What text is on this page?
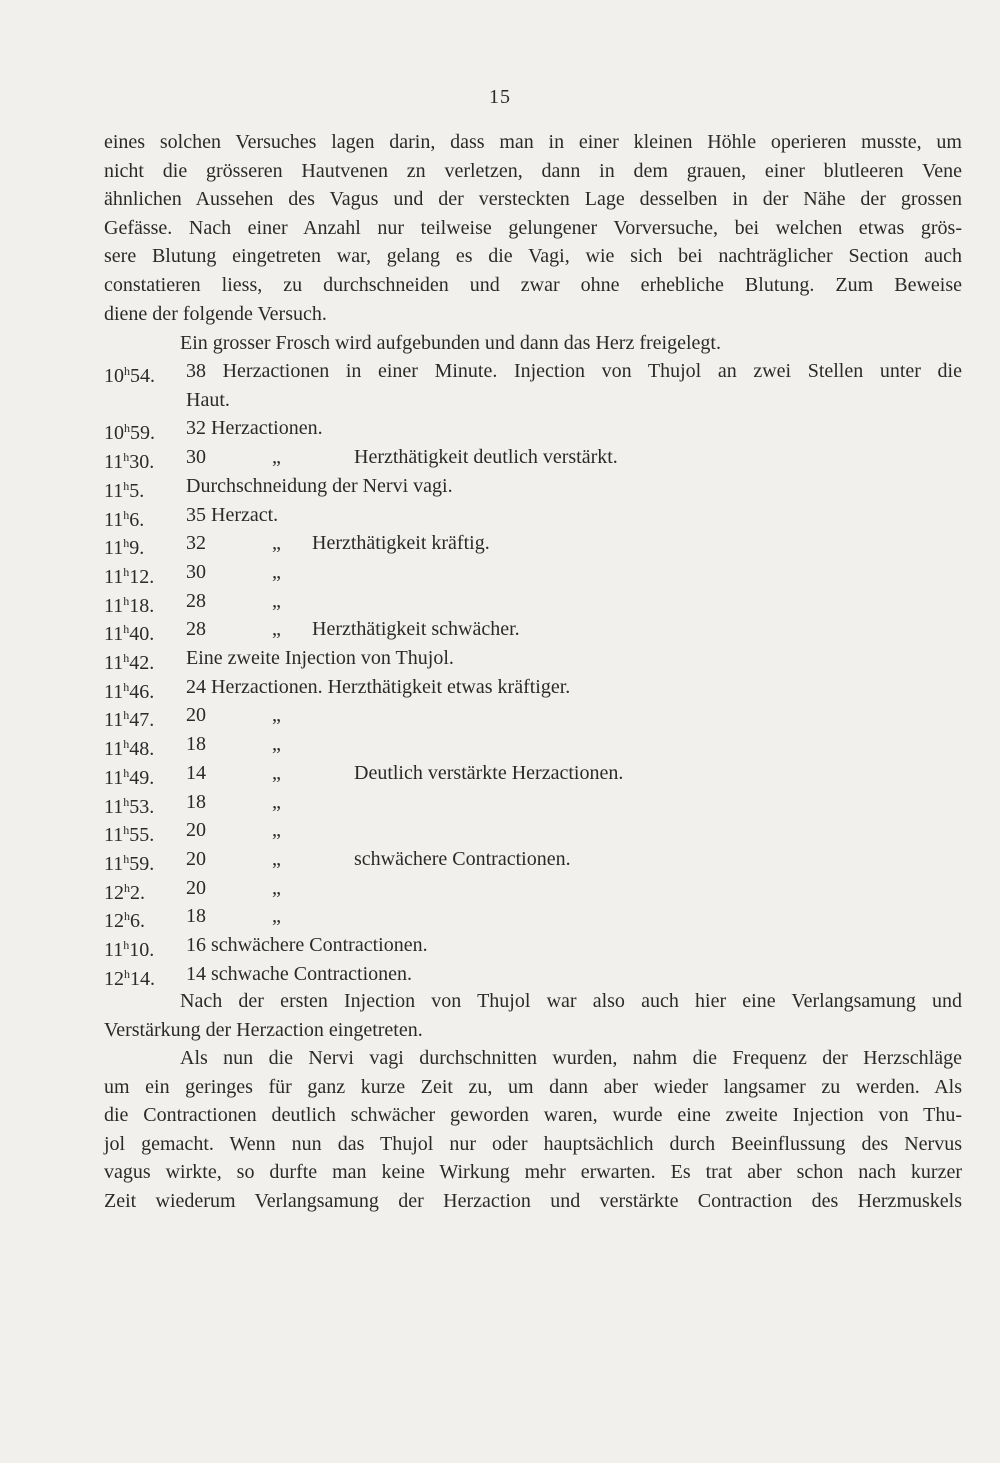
15
eines solchen Versuches lagen darin, dass man in einer kleinen Höhle operieren musste, um
nicht die grösseren Hautvenen zn verletzen, dann in dem grauen, einer blutleeren Vene
ähnlichen Aussehen des Vagus und der versteckten Lage desselben in der Nähe der grossen
Gefässe. Nach einer Anzahl nur teilweise gelungener Vorversuche, bei welchen etwas grös-
sere Blutung eingetreten war, gelang es die Vagi, wie sich bei nachträglicher Section auch
constatieren liess, zu durchschneiden und zwar ohne erhebliche Blutung. Zum Beweise
diene der folgende Versuch.
Ein grosser Frosch wird aufgebunden und dann das Herz freigelegt.
10$^h$54. 38 Herzactionen in einer Minute. Injection von Thujol an zwei Stellen unter die
Haut.
10$^h$59. 32 Herzactionen.
11$^h$30. 30	„	Herzthätigkeit deutlich verstärkt.
11$^h$5. Durchschneidung der Nervi vagi.
11$^h$6. 35 Herzact.
11$^h$9. 32	„ Herzthätigkeit kräftig.
11$^h$12. 30	„
11$^h$18. 28	„
11$^h$40. 28	„ Herzthätigkeit schwächer.
11$^h$42. Eine zweite Injection von Thujol.
11$^h$46. 24 Herzactionen. Herzthätigkeit etwas kräftiger.
11$^h$47. 20	„
11$^h$48. 18	„
11$^h$49. 14	„	Deutlich verstärkte Herzactionen.
11$^h$53. 18	„
11$^h$55. 20	„
11$^h$59. 20	„	schwächere Contractionen.
12$^h$2. 20	„
12$^h$6. 18	„
11$^h$10. 16 schwächere Contractionen.
12$^h$14. 14 schwache Contractionen.
Nach der ersten Injection von Thujol war also auch hier eine Verlangsamung und
Verstärkung der Herzaction eingetreten.
Als nun die Nervi vagi durchschnitten wurden, nahm die Frequenz der Herzschläge
um ein geringes für ganz kurze Zeit zu, um dann aber wieder langsamer zu werden. Als
die Contractionen deutlich schwächer geworden waren, wurde eine zweite Injection von Thu-
jol gemacht. Wenn nun das Thujol nur oder hauptsächlich durch Beeinflussung des Nervus
vagus wirkte, so durfte man keine Wirkung mehr erwarten. Es trat aber schon nach kurzer
Zeit wiederum Verlangsamung der Herzaction und verstärkte Contraction des Herzmuskels
